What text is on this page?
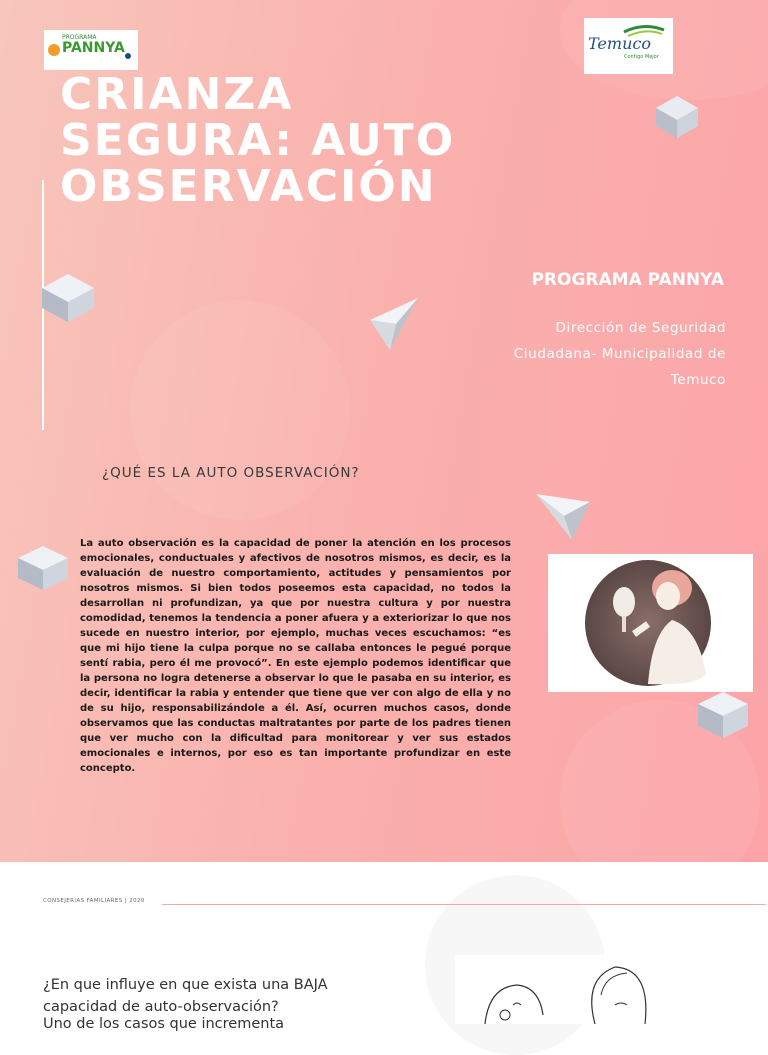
PROGRAMA
PANNYA	Temuco
Contigo Mejor
CRIANZA
SEGURA: AUTO
OBSERVACIÓN
PROGRAMA PANNYA
Dirección de Seguridad
Ciudadana- Municipalidad de
Temuco
¿QUÉ ES LA AUTO OBSERVACIÓN?

La auto observación es la capacidad de poner la atención en los procesos emocionales, conductuales y afectivos de nosotros mismos, es decir, es la evaluación de nuestro comportamiento, actitudes y pensamientos por nosotros mismos. Si bien todos poseemos esta capacidad, no todos la desarrollan ni profundizan, ya que por nuestra cultura y por nuestra comodidad, tenemos la tendencia a poner afuera y a exteriorizar lo que nos sucede en nuestro interior, por ejemplo, muchas veces escuchamos: “es que mi hijo tiene la culpa porque no se callaba entonces le pegué porque sentí rabia, pero él me provocó”. En este ejemplo podemos identificar que la persona no logra detenerse a observar lo que le pasaba en su interior, es decir, identificar la rabia y entender que tiene que ver con algo de ella y no de su hijo, responsabilizándole a él. Así, ocurren muchos casos, donde observamos que las conductas maltratantes por parte de los padres tienen que ver mucho con la dificultad para monitorear y ver sus estados emocionales e internos, por eso es tan importante profundizar en este concepto.

CONSEJERIAS FAMILIARES | 2020
¿En que influye en que exista una BAJA capacidad de auto-observación?
Uno de los casos que incrementa
